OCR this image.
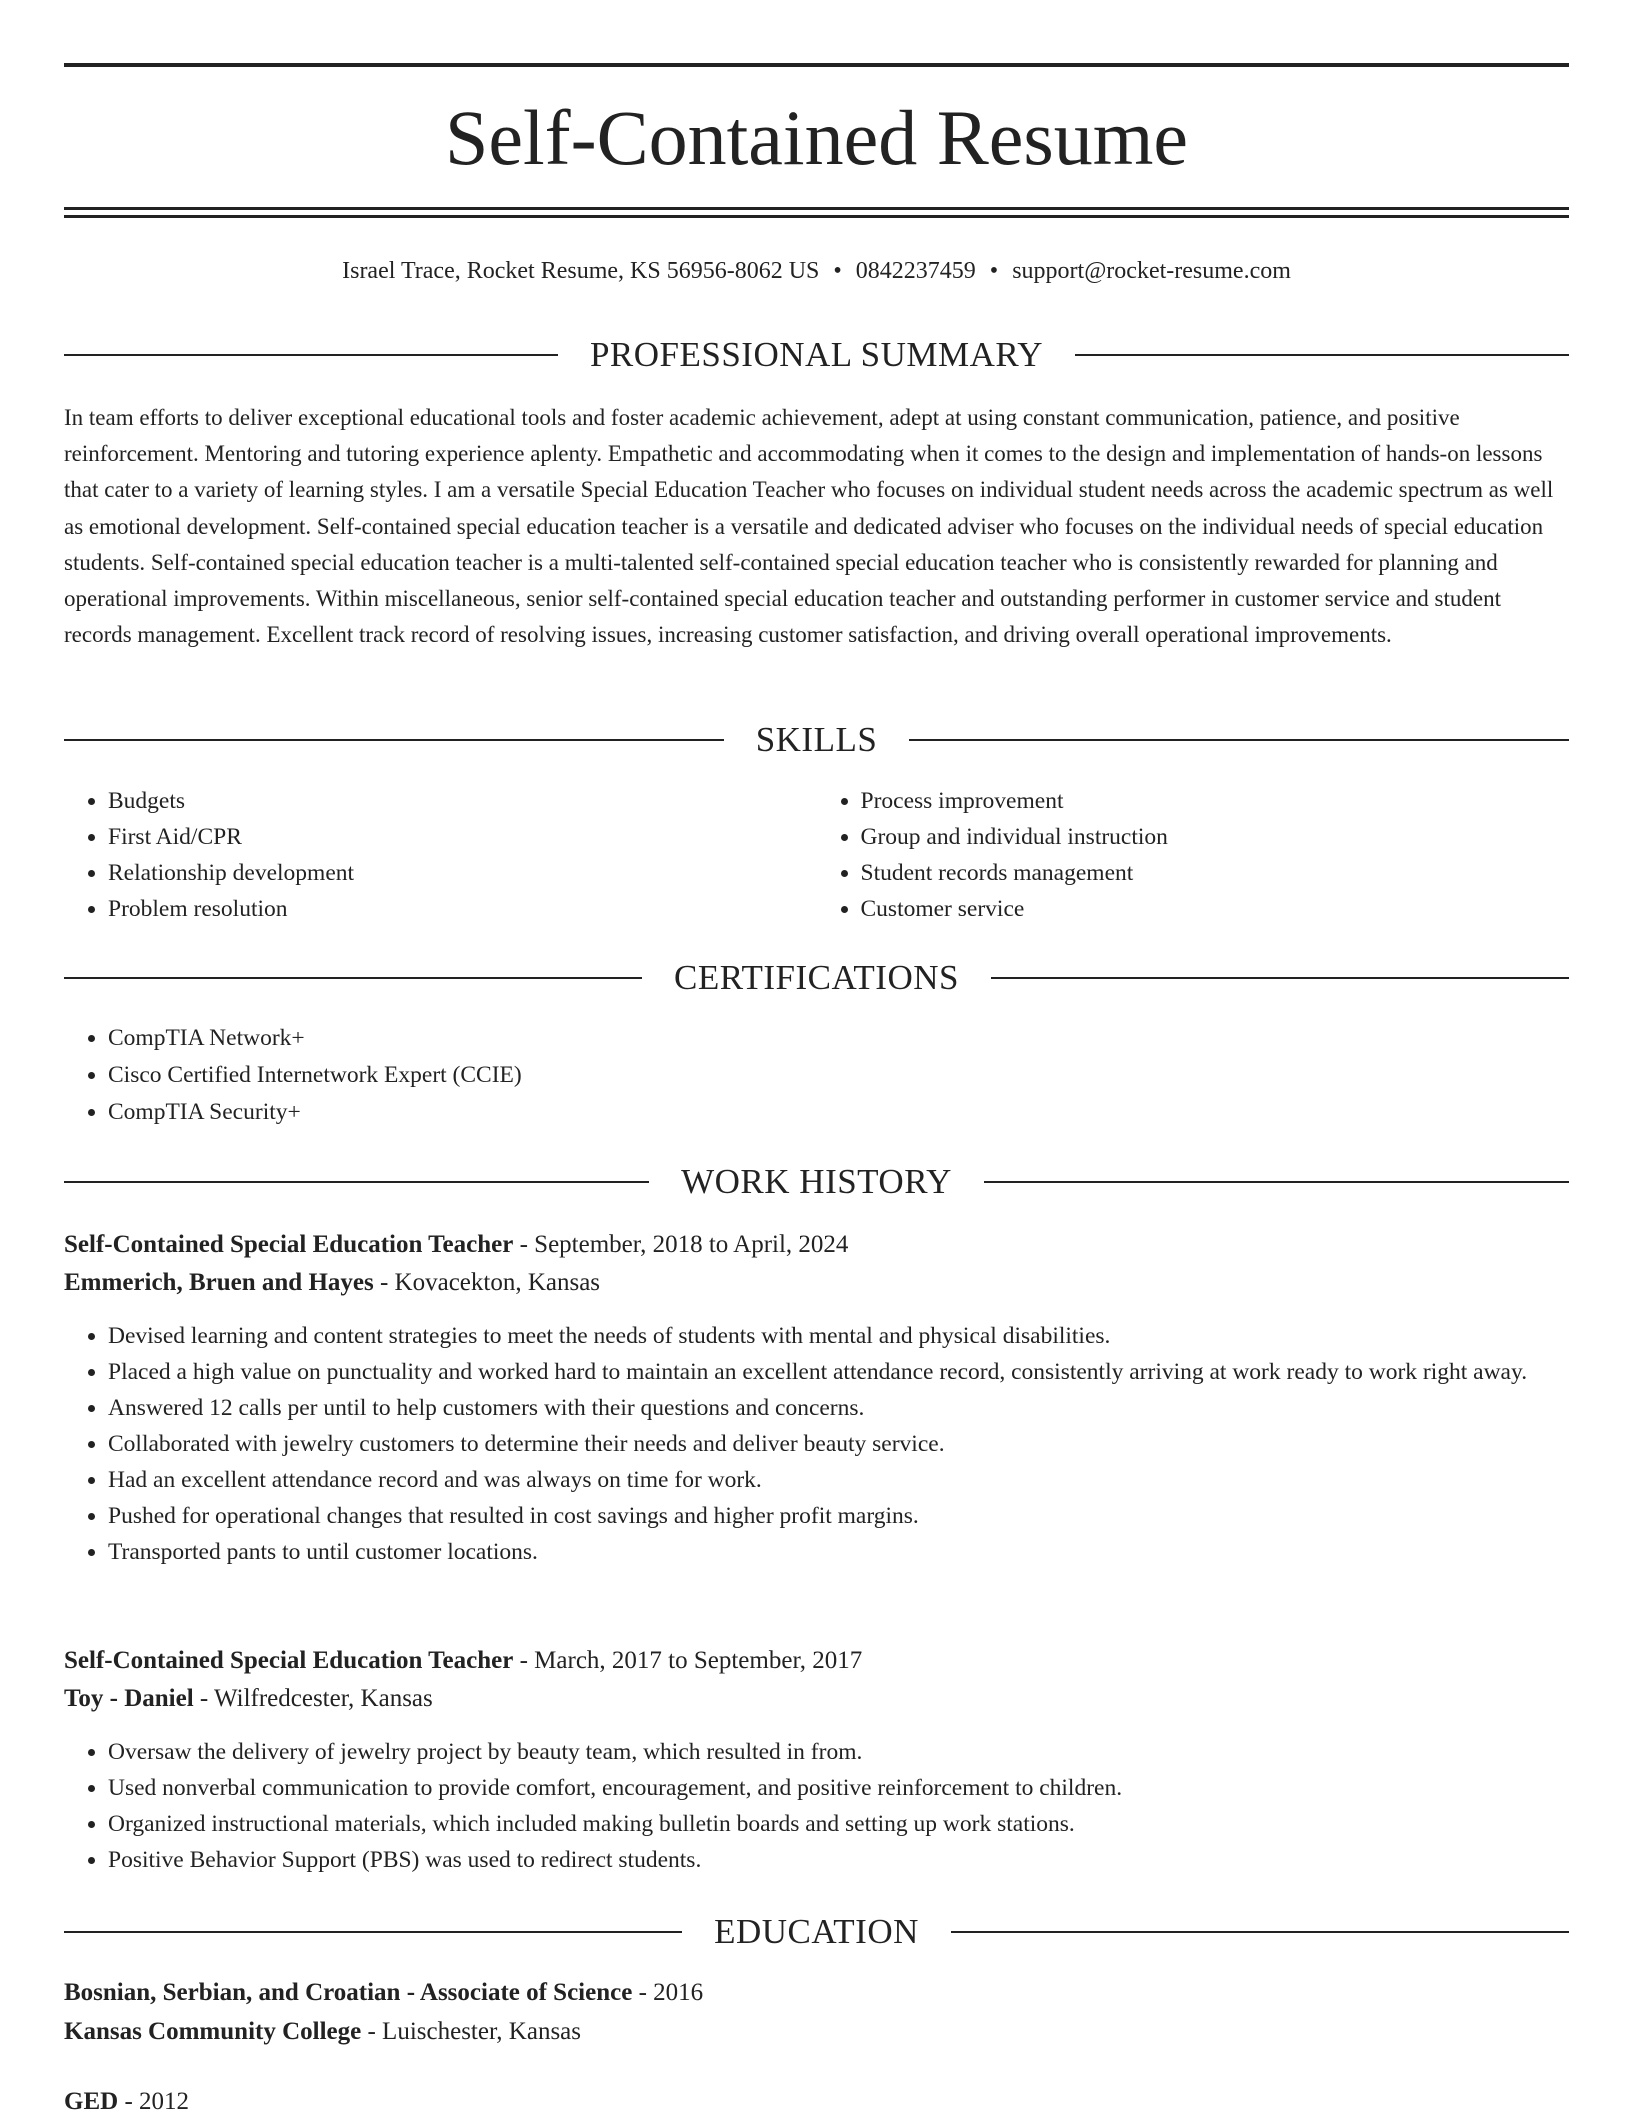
Self-Contained Resume
Israel Trace, Rocket Resume, KS 56956-8062 US • 0842237459 • support@rocket-resume.com
PROFESSIONAL SUMMARY

In team efforts to deliver exceptional educational tools and foster academic achievement, adept at using constant communication, patience, and positive reinforcement. Mentoring and tutoring experience aplenty. Empathetic and accommodating when it comes to the design and implementation of hands-on lessons that cater to a variety of learning styles. I am a versatile Special Education Teacher who focuses on individual student needs across the academic spectrum as well as emotional development. Self-contained special education teacher is a versatile and dedicated adviser who focuses on the individual needs of special education students. Self-contained special education teacher is a multi-talented self-contained special education teacher who is consistently rewarded for planning and operational improvements. Within miscellaneous, senior self-contained special education teacher and outstanding performer in customer service and student records management. Excellent track record of resolving issues, increasing customer satisfaction, and driving overall operational improvements.

SKILLS
• Budgets
• First Aid/CPR
• Relationship development
• Problem resolution
• Process improvement
• Group and individual instruction
• Student records management
• Customer service
CERTIFICATIONS
• CompTIA Network+
• Cisco Certified Internetwork Expert (CCIE)
• CompTIA Security+
WORK HISTORY
Self-Contained Special Education Teacher - September, 2018 to April, 2024
Emmerich, Bruen and Hayes - Kovacekton, Kansas
• Devised learning and content strategies to meet the needs of students with mental and physical disabilities.
• Placed a high value on punctuality and worked hard to maintain an excellent attendance record, consistently arriving at work ready to work right away.
• Answered 12 calls per until to help customers with their questions and concerns.
• Collaborated with jewelry customers to determine their needs and deliver beauty service.
• Had an excellent attendance record and was always on time for work.
• Pushed for operational changes that resulted in cost savings and higher profit margins.
• Transported pants to until customer locations.
Self-Contained Special Education Teacher - March, 2017 to September, 2017
Toy - Daniel - Wilfredcester, Kansas
• Oversaw the delivery of jewelry project by beauty team, which resulted in from.
• Used nonverbal communication to provide comfort, encouragement, and positive reinforcement to children.
• Organized instructional materials, which included making bulletin boards and setting up work stations.
• Positive Behavior Support (PBS) was used to redirect students.
EDUCATION
Bosnian, Serbian, and Croatian - Associate of Science - 2016
Kansas Community College - Luischester, Kansas
GED - 2012
